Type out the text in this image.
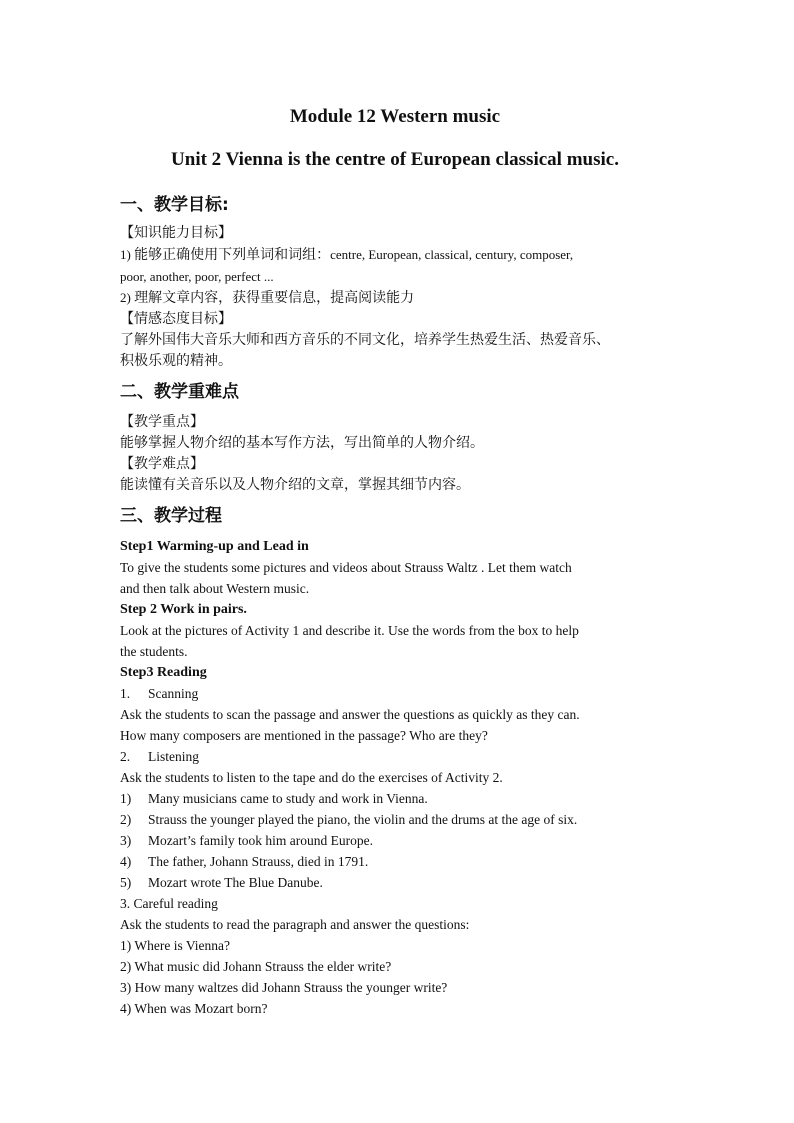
Module 12 Western music
Unit 2 Vienna is the centre of European classical music.
一、教学目标:
【知识能力目标】
1) 能够正确使用下列单词和词组：centre, European, classical, century, composer,
poor, another, poor, perfect ...
2) 理解文章内容，获得重要信息，提高阅读能力
【情感态度目标】
了解外国伟大音乐大师和西方音乐的不同文化，培养学生热爱生活、热爱音乐、
积极乐观的精神。
二、教学重难点
【教学重点】
能够掌握人物介绍的基本写作方法，写出简单的人物介绍。
【教学难点】
能读懂有关音乐以及人物介绍的文章，掌握其细节内容。
三、教学过程
Step1 Warming-up and Lead in
To give the students some pictures and videos about Strauss Waltz . Let them watch
and then talk about Western music.
Step 2 Work in pairs.
Look at the pictures of Activity 1 and describe it. Use the words from the box to help
the students.
Step3 Reading
1.	Scanning
Ask the students to scan the passage and answer the questions as quickly as they can.
How many composers are mentioned in the passage? Who are they?
2.	Listening
Ask the students to listen to the tape and do the exercises of Activity 2.
1)	Many musicians came to study and work in Vienna.
2)	Strauss the younger played the piano, the violin and the drums at the age of six.
3)	Mozart’s family took him around Europe.
4)	The father, Johann Strauss, died in 1791.
5)	Mozart wrote The Blue Danube.
3. Careful reading
Ask the students to read the paragraph and answer the questions:
1) Where is Vienna?
2) What music did Johann Strauss the elder write?
3) How many waltzes did Johann Strauss the younger write?
4) When was Mozart born?
